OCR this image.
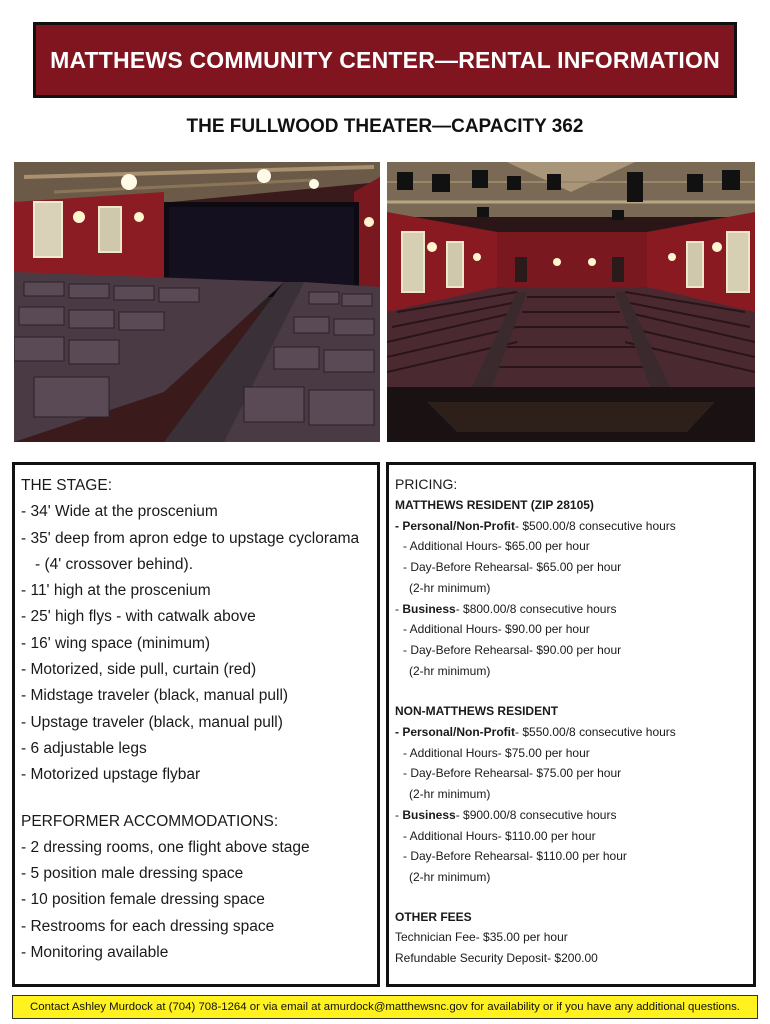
MATTHEWS COMMUNITY CENTER—RENTAL INFORMATION
THE FULLWOOD THEATER—CAPACITY 362
THE STAGE:
- 34' Wide at the proscenium
- 35' deep from apron edge to upstage cyclorama
- (4' crossover behind).
- 11' high at the proscenium
- 25' high flys - with catwalk above
- 16' wing space (minimum)
- Motorized, side pull, curtain (red)
- Midstage traveler (black, manual pull)
- Upstage traveler (black, manual pull)
- 6 adjustable legs
- Motorized upstage flybar
PERFORMER ACCOMMODATIONS:
- 2 dressing rooms, one flight above stage
- 5 position male dressing space
- 10 position female dressing space
- Restrooms for each dressing space
- Monitoring available
PRICING:
MATTHEWS RESIDENT (ZIP 28105)
- Personal/Non-Profit- $500.00/8 consecutive hours
- Additional Hours- $65.00 per hour
- Day-Before Rehearsal- $65.00 per hour
(2-hr minimum)
- Business- $800.00/8 consecutive hours
- Additional Hours- $90.00 per hour
- Day-Before Rehearsal- $90.00 per hour
(2-hr minimum)
NON-MATTHEWS RESIDENT
- Personal/Non-Profit- $550.00/8 consecutive hours
- Additional Hours- $75.00 per hour
- Day-Before Rehearsal- $75.00 per hour
(2-hr minimum)
- Business- $900.00/8 consecutive hours
- Additional Hours- $110.00 per hour
- Day-Before Rehearsal- $110.00 per hour
(2-hr minimum)
OTHER FEES
Technician Fee- $35.00 per hour
Refundable Security Deposit- $200.00
Contact Ashley Murdock at (704) 708-1264 or via email at amurdock@matthewsnc.gov for availability or if you have any additional questions.
